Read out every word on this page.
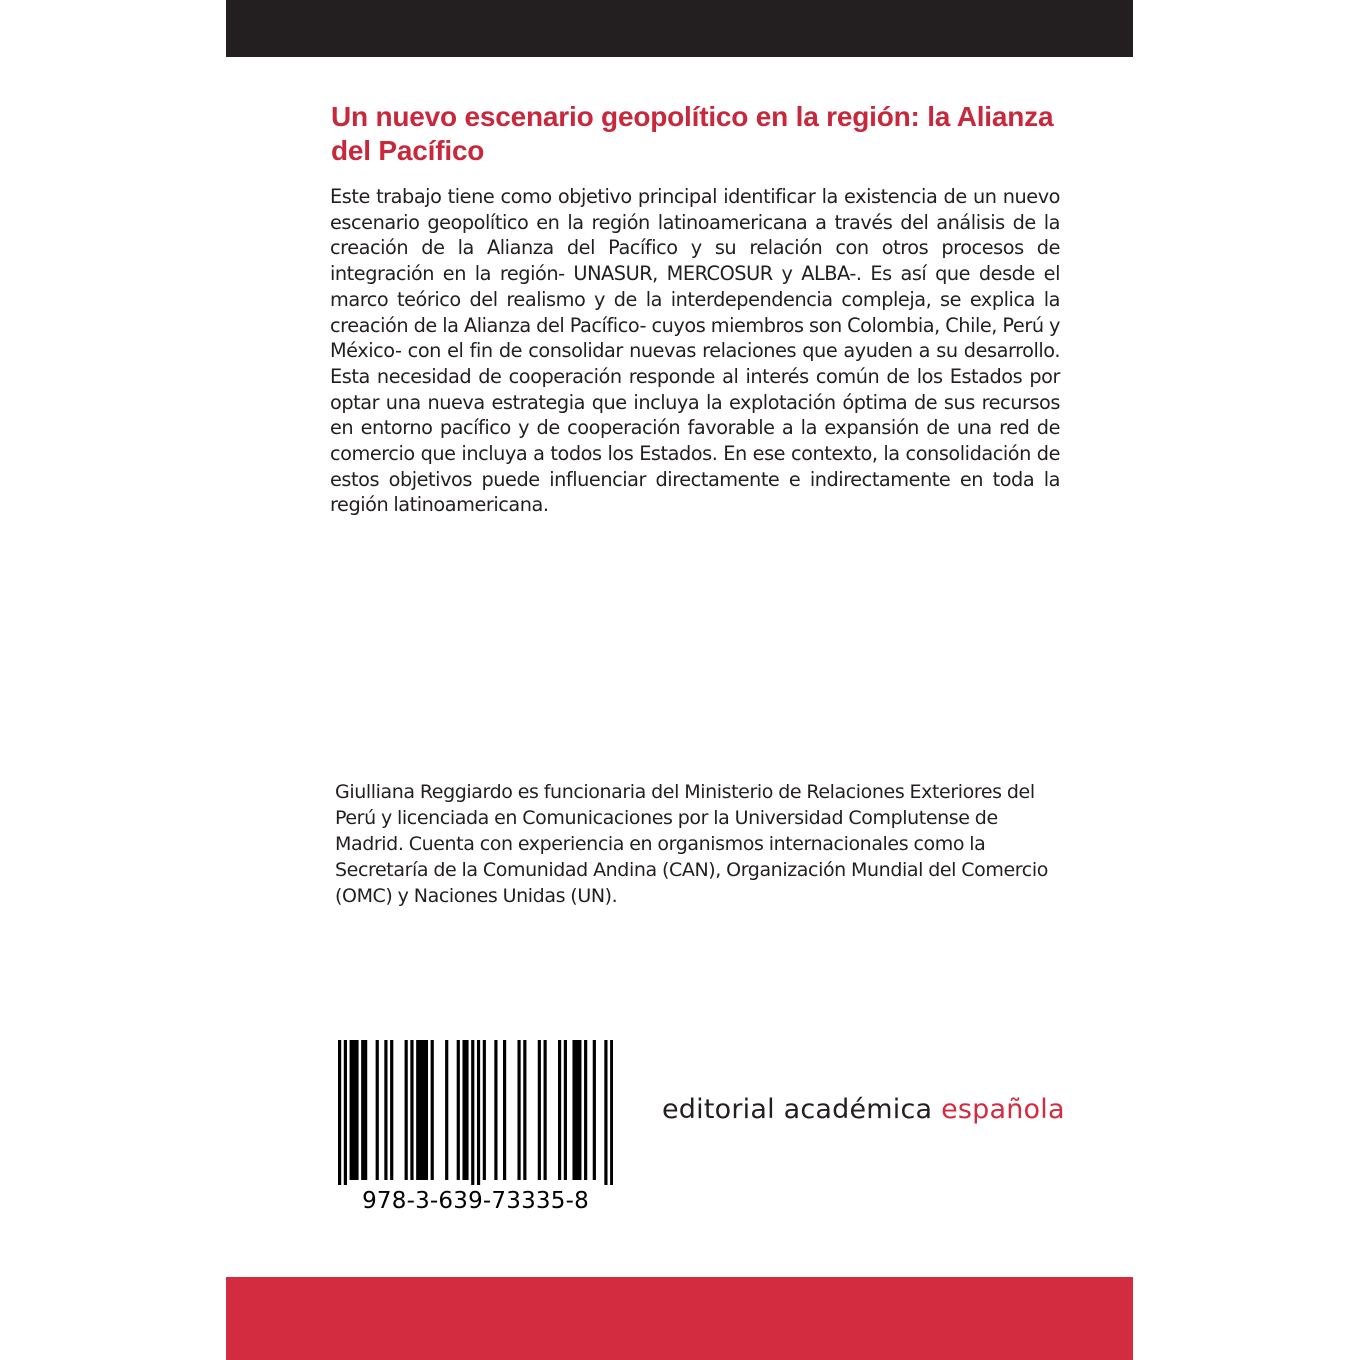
Un nuevo escenario geopolítico en la región: la Alianza del Pacífico

Este trabajo tiene como objetivo principal identificar la existencia de un nuevo escenario geopolítico en la región latinoamericana a través del análisis de la creación de la Alianza del Pacífico y su relación con otros procesos de integración en la región- UNASUR, MERCOSUR y ALBA-. Es así que desde el marco teórico del realismo y de la interdependencia compleja, se explica la creación de la Alianza del Pacífico- cuyos miembros son Colombia, Chile, Perú y México- con el fin de consolidar nuevas relaciones que ayuden a su desarrollo. Esta necesidad de cooperación responde al interés común de los Estados por optar una nueva estrategia que incluya la explotación óptima de sus recursos en entorno pacífico y de cooperación favorable a la expansión de una red de comercio que incluya a todos los Estados. En ese contexto, la consolidación de estos objetivos puede influenciar directamente e indirectamente en toda la región latinoamericana.

Giulliana Reggiardo es funcionaria del Ministerio de Relaciones Exteriores del Perú y licenciada en Comunicaciones por la Universidad Complutense de Madrid. Cuenta con experiencia en organismos internacionales como la Secretaría de la Comunidad Andina (CAN), Organización Mundial del Comercio (OMC) y Naciones Unidas (UN).

978-3-639-73335-8
editorial académica española
